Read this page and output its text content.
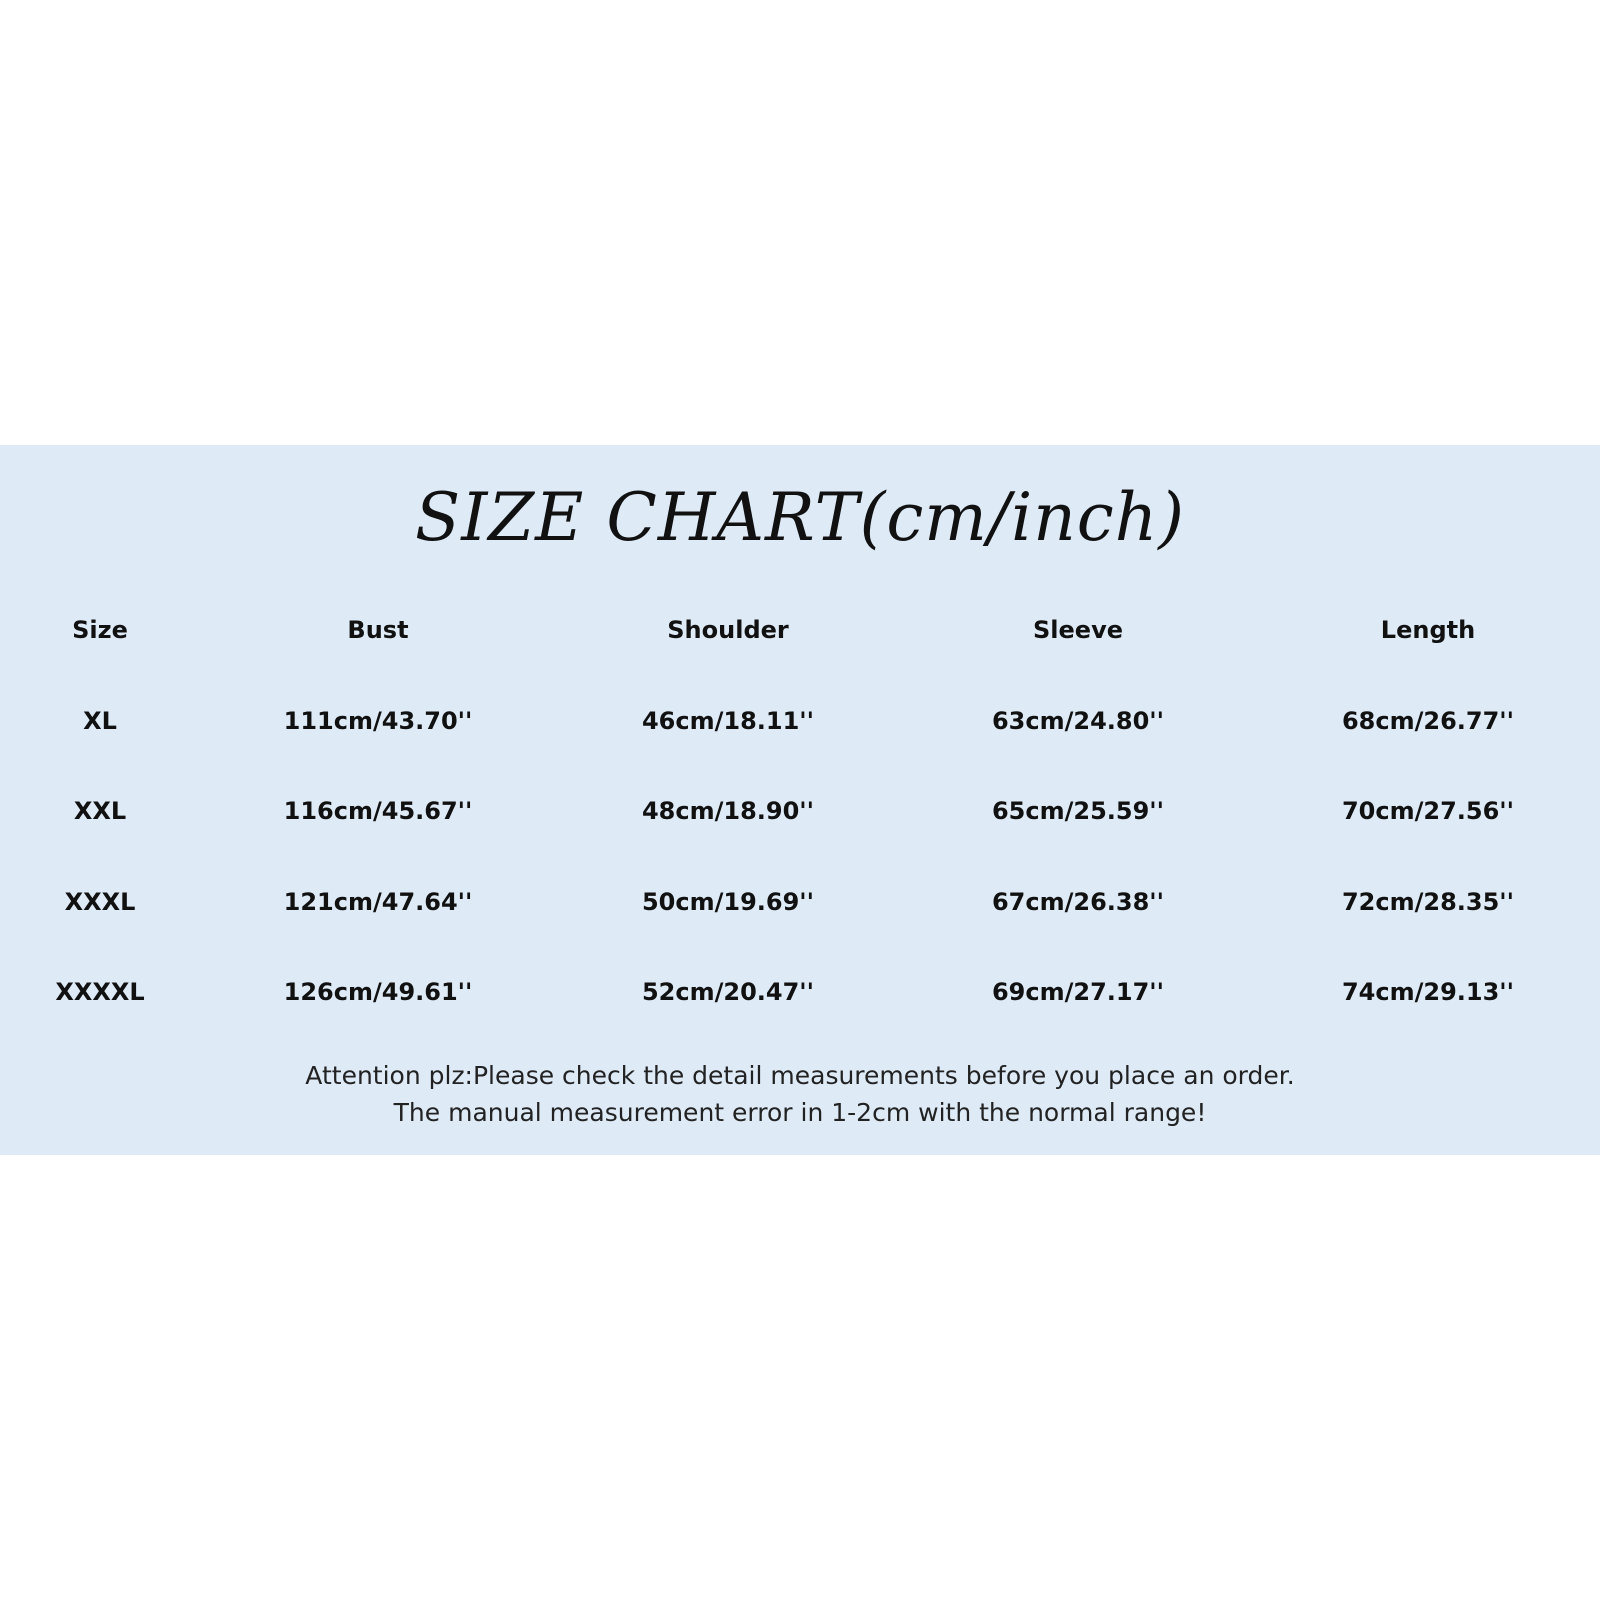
SIZE CHART(cm/inch)
Size	Bust	Shoulder	Sleeve	Length
XL	111cm/43.70''	46cm/18.11''	63cm/24.80''	68cm/26.77''
XXL	116cm/45.67''	48cm/18.90''	65cm/25.59''	70cm/27.56''
XXXL	121cm/47.64''	50cm/19.69''	67cm/26.38''	72cm/28.35''
XXXXL	126cm/49.61''	52cm/20.47''	69cm/27.17''	74cm/29.13''
Attention plz:Please check the detail measurements before you place an order.
The manual measurement error in 1-2cm with the normal range!
